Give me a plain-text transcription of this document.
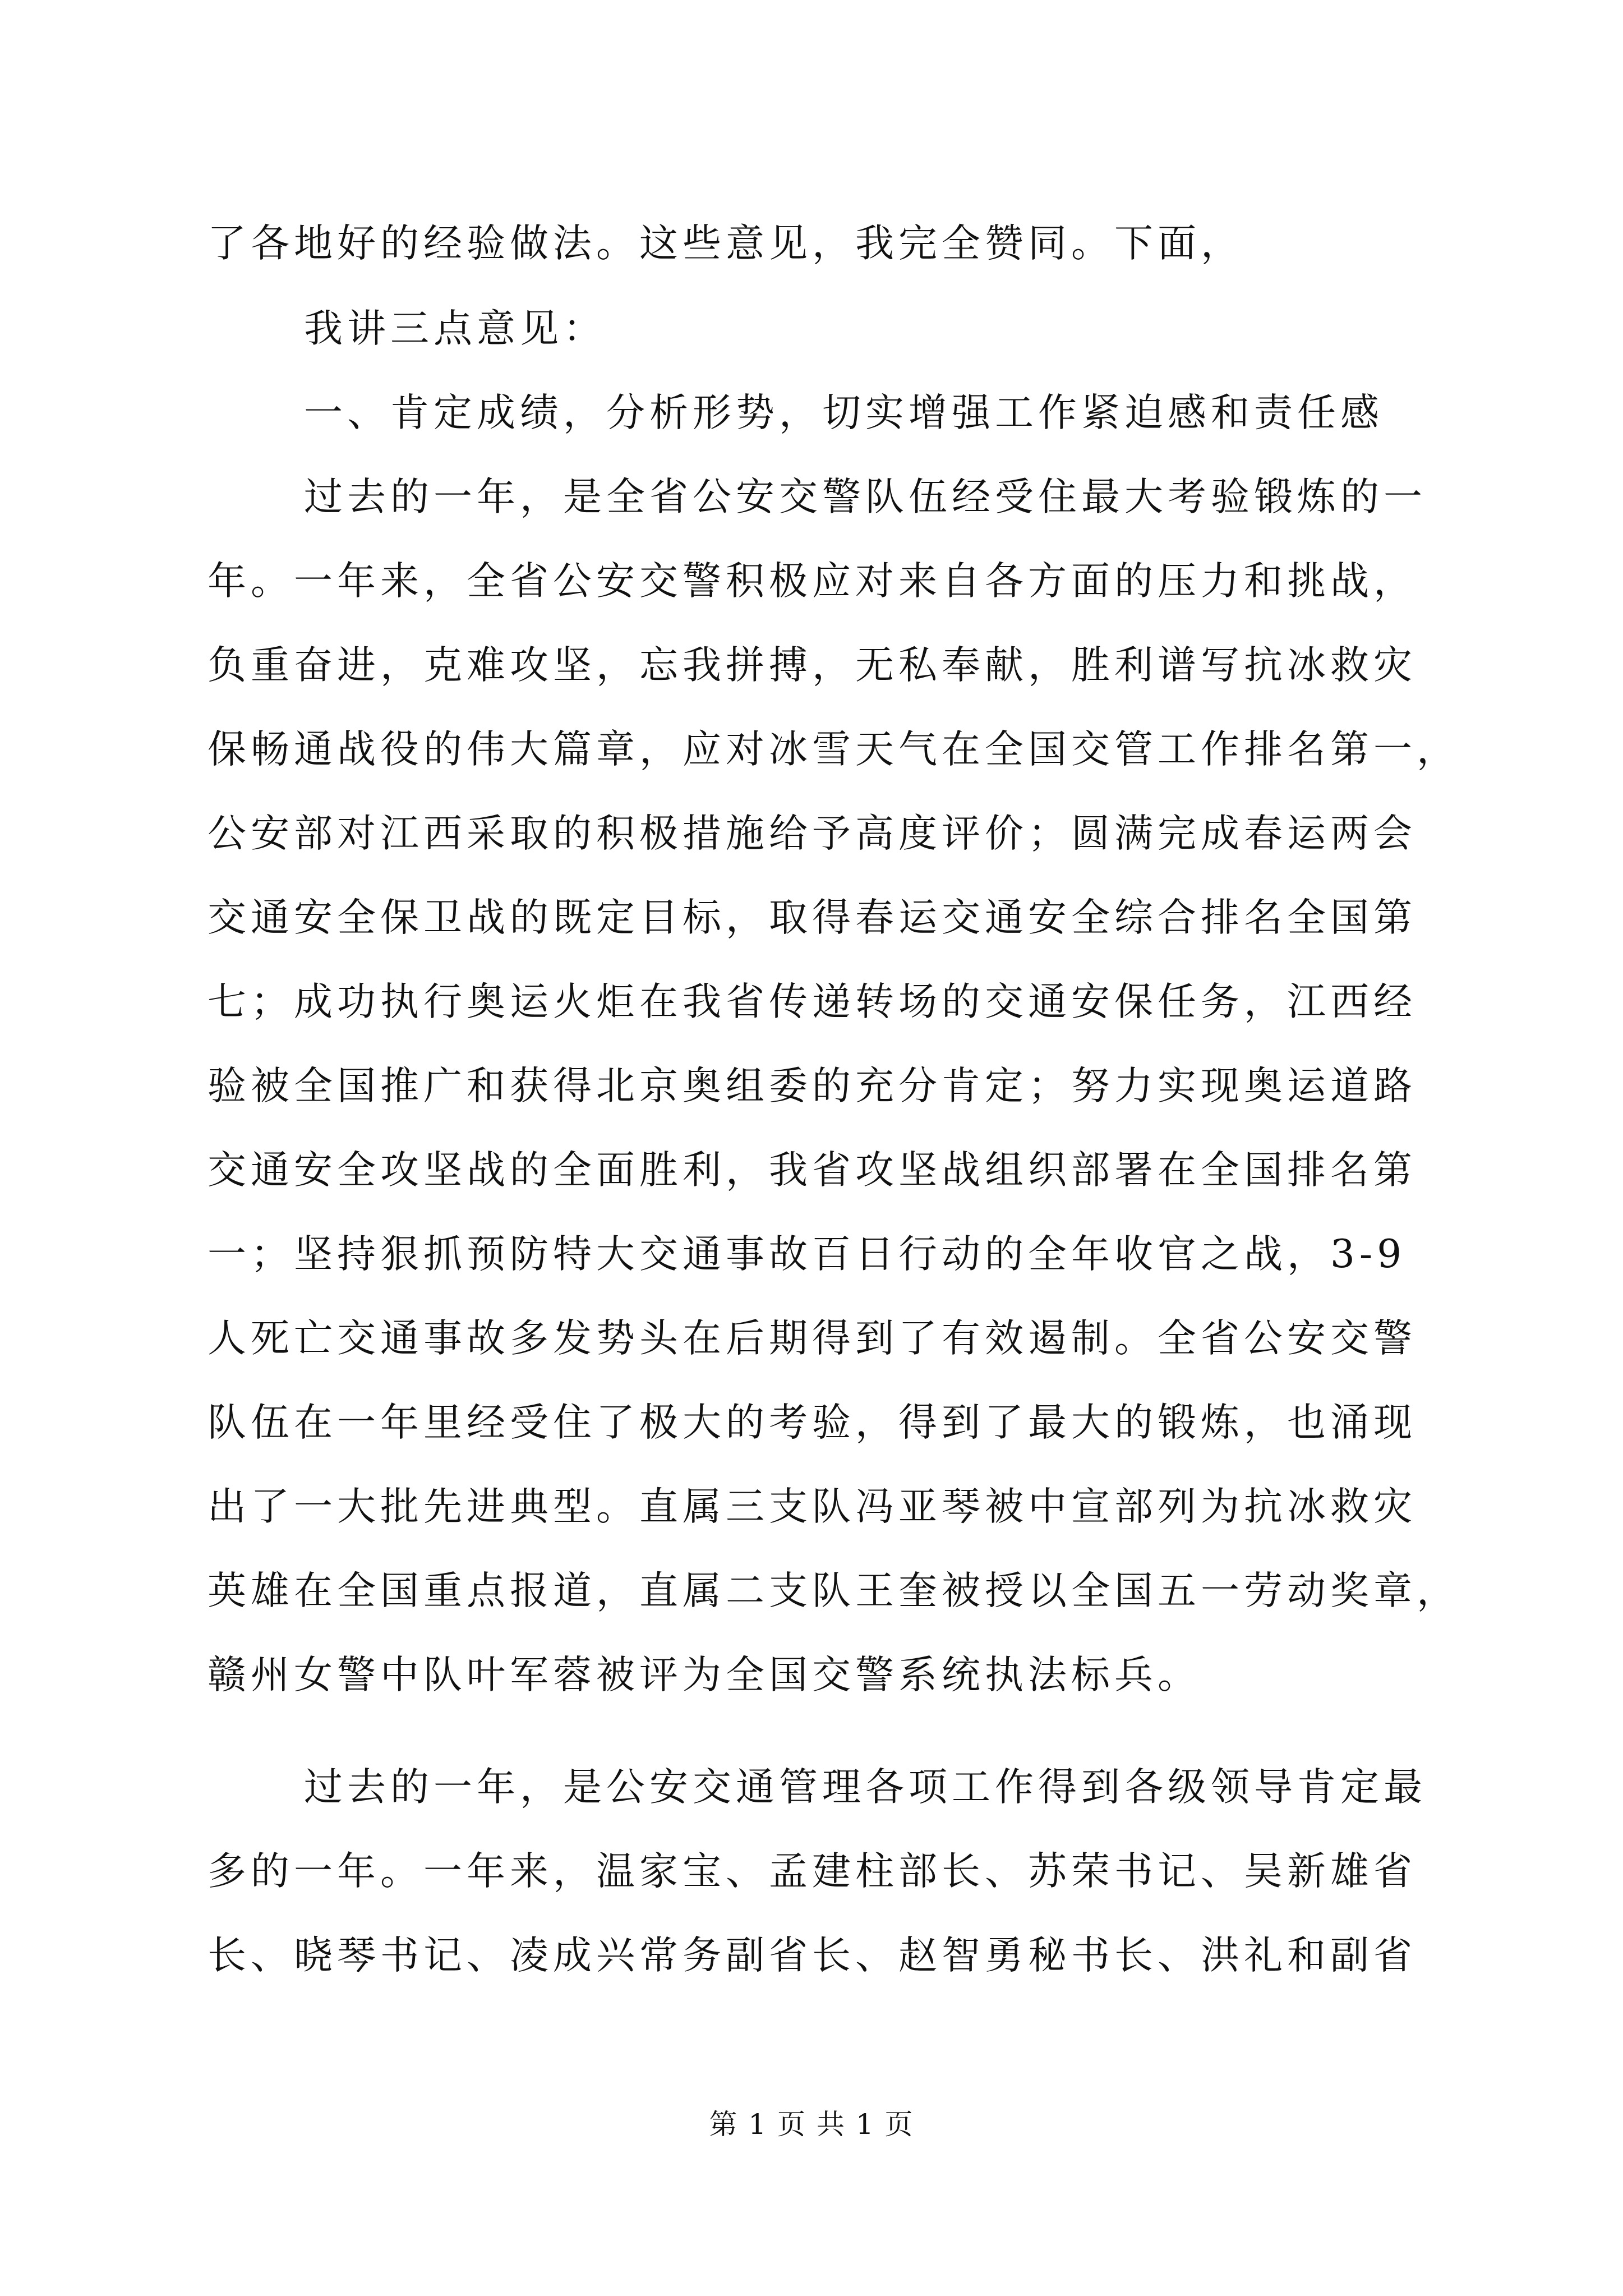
了各地好的经验做法。这些意见，我完全赞同。下面，
我讲三点意见：
一、肯定成绩，分析形势，切实增强工作紧迫感和责任感
过去的一年，是全省公安交警队伍经受住最大考验锻炼的一
年。一年来，全省公安交警积极应对来自各方面的压力和挑战，
负重奋进，克难攻坚，忘我拼搏，无私奉献，胜利谱写抗冰救灾
保畅通战役的伟大篇章，应对冰雪天气在全国交管工作排名第一，
公安部对江西采取的积极措施给予高度评价；圆满完成春运两会
交通安全保卫战的既定目标，取得春运交通安全综合排名全国第
七；成功执行奥运火炬在我省传递转场的交通安保任务，江西经
验被全国推广和获得北京奥组委的充分肯定；努力实现奥运道路
交通安全攻坚战的全面胜利，我省攻坚战组织部署在全国排名第
一；坚持狠抓预防特大交通事故百日行动的全年收官之战，3-9
人死亡交通事故多发势头在后期得到了有效遏制。全省公安交警
队伍在一年里经受住了极大的考验，得到了最大的锻炼，也涌现
出了一大批先进典型。直属三支队冯亚琴被中宣部列为抗冰救灾
英雄在全国重点报道，直属二支队王奎被授以全国五一劳动奖章，
赣州女警中队叶军蓉被评为全国交警系统执法标兵。
过去的一年，是公安交通管理各项工作得到各级领导肯定最
多的一年。一年来，温家宝、孟建柱部长、苏荣书记、吴新雄省
长、晓琴书记、凌成兴常务副省长、赵智勇秘书长、洪礼和副省
第 1 页 共 1 页
